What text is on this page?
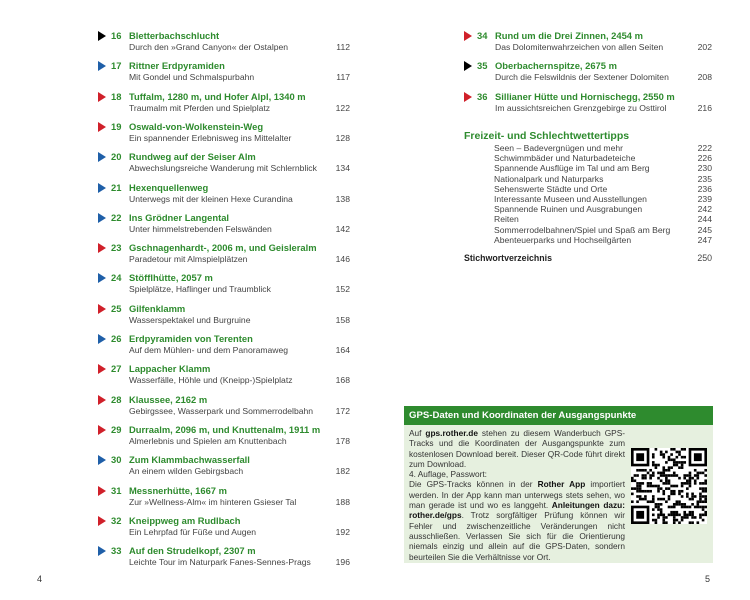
16 Bletterbachschlucht
Durch den »Grand Canyon« der Ostalpen	112
17 Rittner Erdpyramiden
Mit Gondel und Schmalspurbahn	117
18 Tuffalm, 1280 m, und Hofer Alpl, 1340 m
Traumalm mit Pferden und Spielplatz	122
19 Oswald-von-Wolkenstein-Weg
Ein spannender Erlebnisweg ins Mittelalter	128
20 Rundweg auf der Seiser Alm
Abwechslungsreiche Wanderung mit Schlernblick 134
21 Hexenquellenweg
Unterwegs mit der kleinen Hexe Curandina	138
22 Ins Grödner Langental
Unter himmelstrebenden Felswänden	142
23 Gschnagenhardt-, 2006 m, und Geisleralm
Paradetour mit Almspielplätzen	146
24 Stöfflhütte, 2057 m
Spielplätze, Haflinger und Traumblick	152
25 Gilfenklamm
Wasserspektakel und Burgruine	158
26 Erdpyramiden von Terenten
Auf dem Mühlen- und dem Panoramaweg	164
27 Lappacher Klamm
Wasserfälle, Höhle und (Kneipp-)Spielplatz	168
28 Klaussee, 2162 m
Gebirgssee, Wasserpark und Sommerrodelbahn	172
29 Durraalm, 2096 m, und Knuttenalm, 1911 m
Almerlebnis und Spielen am Knuttenbach	178
30 Zum Klammbachwasserfall
An einem wilden Gebirgsbach	182
31 Messnerhütte, 1667 m
Zur »Wellness-Alm« im hinteren Gsieser Tal	188
32 Kneippweg am Rudlbach
Ein Lehrpfad für Füße und Augen	192
33 Auf den Strudelkopf, 2307 m
Leichte Tour im Naturpark Fanes-Sennes-Prags	196
34 Rund um die Drei Zinnen, 2454 m
Das Dolomitenwahrzeichen von allen Seiten	202
35 Oberbachernspitze, 2675 m
Durch die Felswildnis der Sextener Dolomiten	208
36 Sillianer Hütte und Hornischegg, 2550 m
Im aussichtsreichen Grenzgebirge zu Osttirol	216
Freizeit- und Schlechtwettertipps
Seen – Badevergnügen und mehr	222
Schwimmbäder und Naturbadeteiche	226
Spannende Ausflüge im Tal und am Berg	230
Nationalpark und Naturparks	235
Sehenswerte Städte und Orte	236
Interessante Museen und Ausstellungen	239
Spannende Ruinen und Ausgrabungen	242
Reiten	244
Sommerrodelbahnen/Spiel und Spaß am Berg	245
Abenteuerparks und Hochseilgärten	247
Stichwortverzeichnis	250
GPS-Daten und Koordinaten der Ausgangspunkte
Auf gps.rother.de stehen zu diesem Wanderbuch GPS-Tracks und die Koordinaten der Ausgangspunkte zum kostenlosen Download bereit. Dieser QR-Code führt direkt zum Download.
4. Auflage, Passwort:
Die GPS-Tracks können in der Rother App importiert werden. In der App kann man unterwegs stets sehen, wo man gerade ist und wo es langgeht. Anleitungen dazu: rother.de/gps. Trotz sorgfältiger Prüfung können wir Fehler und zwischenzeitliche Veränderungen nicht ausschließen. Verlassen Sie sich für die Orientierung niemals einzig und allein auf die GPS-Daten, sondern beurteilen Sie die Verhältnisse vor Ort.
4	5
